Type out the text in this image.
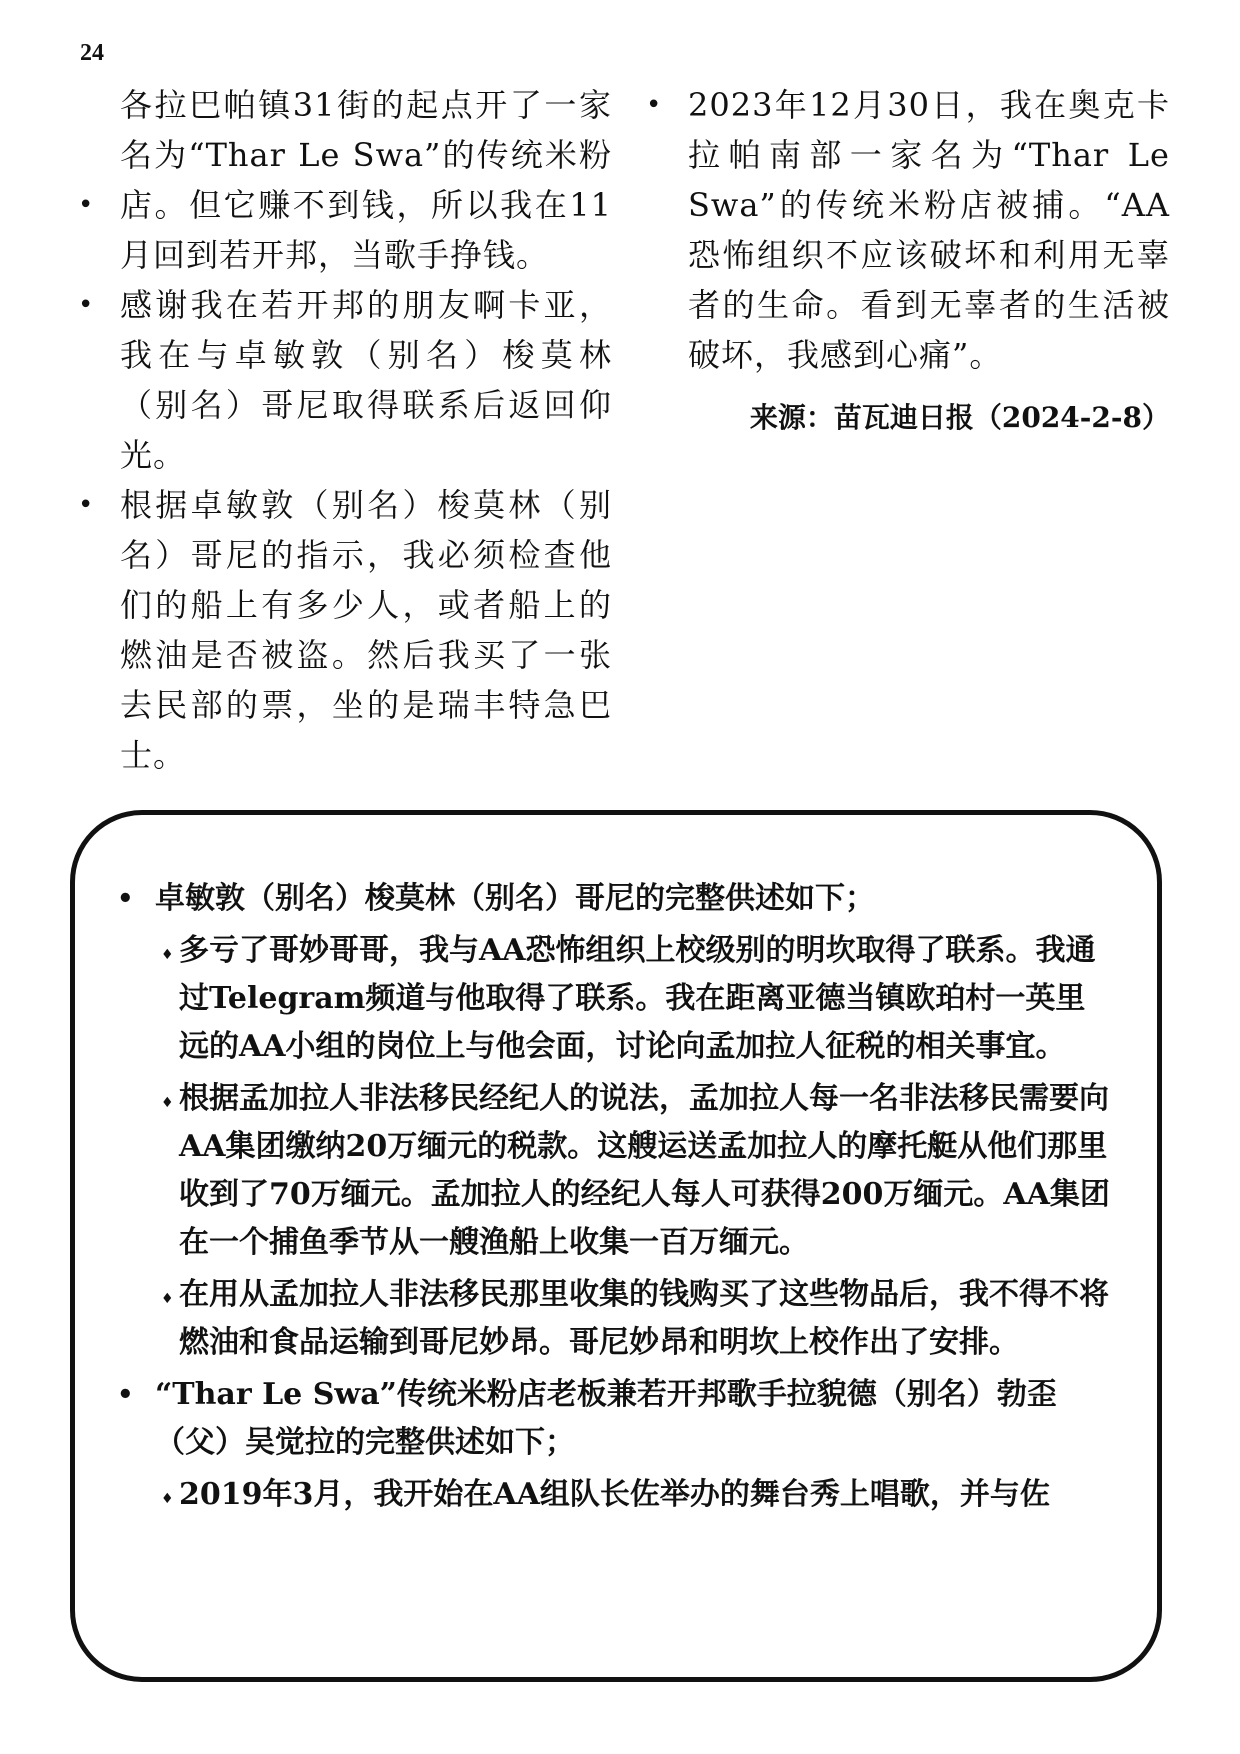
24

• 各拉巴帕镇31街的起点开了一家名为“Thar Le Swa”的传统米粉店。但它赚不到钱，所以我在11月回到若开邦，当歌手挣钱。

• 感谢我在若开邦的朋友啊卡亚，我在与卓敏敦（别名）梭莫林（别名）哥尼取得联系后返回仰光。

• 根据卓敏敦（别名）梭莫林（别名）哥尼的指示，我必须检查他们的船上有多少人，或者船上的燃油是否被盗。然后我买了一张去民部的票，坐的是瑞丰特急巴士。

• 2023年12月30日，我在奥克卡拉帕南部一家名为“Thar Le Swa”的传统米粉店被捕。“AA恐怖组织不应该破坏和利用无辜者的生命。看到无辜者的生活被破坏，我感到心痛”。

来源：苗瓦迪日报（2024-2-8）

• 卓敏敦（别名）梭莫林（别名）哥尼的完整供述如下；

♦ 多亏了哥妙哥哥，我与AA恐怖组织上校级别的明坎取得了联系。我通过Telegram频道与他取得了联系。我在距离亚德当镇欧珀村一英里远的AA小组的岗位上与他会面，讨论向孟加拉人征税的相关事宜。

♦ 根据孟加拉人非法移民经纪人的说法，孟加拉人每一名非法移民需要向AA集团缴纳20万缅元的税款。这艘运送孟加拉人的摩托艇从他们那里收到了70万缅元。孟加拉人的经纪人每人可获得200万缅元。AA集团在一个捕鱼季节从一艘渔船上收集一百万缅元。

♦ 在用从孟加拉人非法移民那里收集的钱购买了这些物品后，我不得不将燃油和食品运输到哥尼妙昂。哥尼妙昂和明坎上校作出了安排。

• “Thar Le Swa”传统米粉店老板兼若开邦歌手拉貌德（别名）勃歪（父）吴觉拉的完整供述如下；

♦ 2019年3月，我开始在AA组队长佐举办的舞台秀上唱歌，并与佐
